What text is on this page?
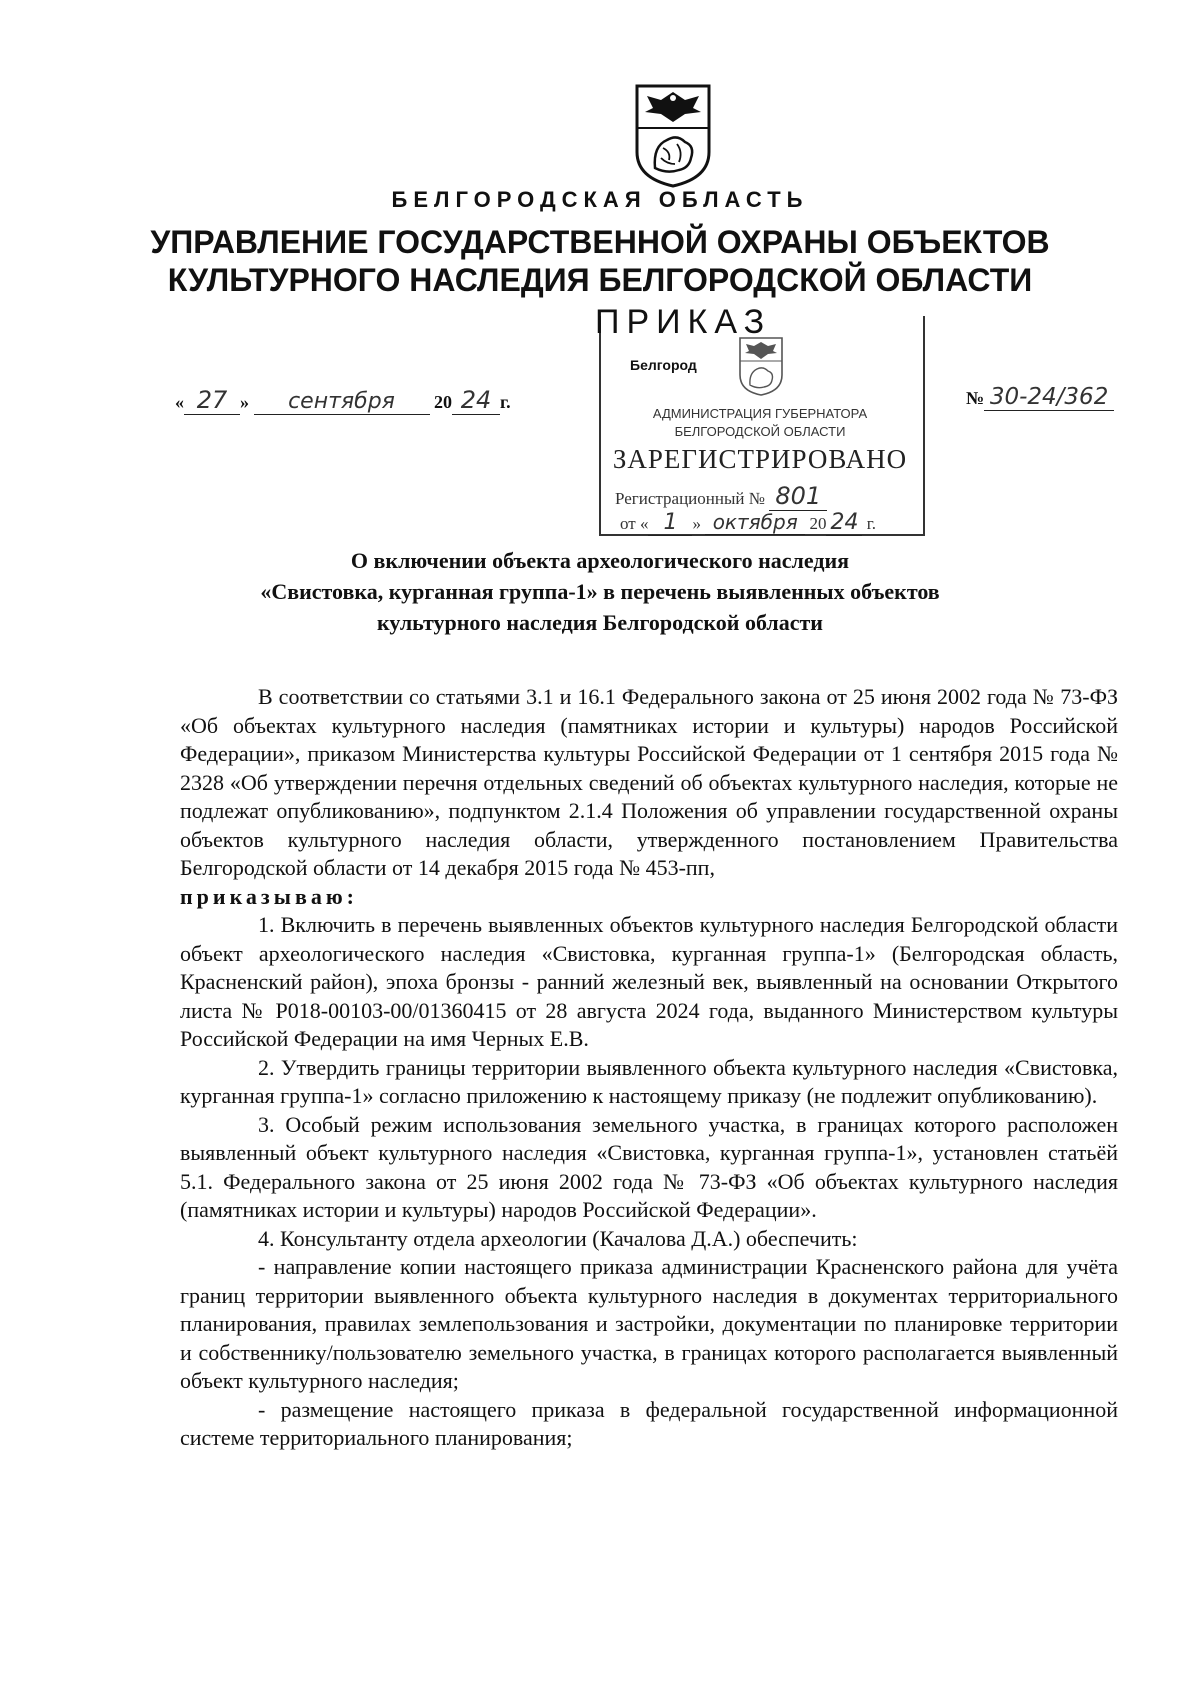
БЕЛГОРОДСКАЯ ОБЛАСТЬ
УПРАВЛЕНИЕ ГОСУДАРСТВЕННОЙ ОХРАНЫ ОБЪЕКТОВ
КУЛЬТУРНОГО НАСЛЕДИЯ БЕЛГОРОДСКОЙ ОБЛАСТИ
ПРИКАЗ
Белгород
АДМИНИСТРАЦИЯ ГУБЕРНАТОРА
БЕЛГОРОДСКОЙ ОБЛАСТИ
ЗАРЕГИСТРИРОВАНО
Регистрационный № 801
от « 1 » октября 20 24 г.
« 27 » сентября 20 24 г.	№ 30-24/362
О включении объекта археологического наследия
«Свистовка, курганная группа-1» в перечень выявленных объектов
культурного наследия Белгородской области

В соответствии со статьями 3.1 и 16.1 Федерального закона от 25 июня 2002 года № 73-ФЗ «Об объектах культурного наследия (памятниках истории и культуры) народов Российской Федерации», приказом Министерства культуры Российской Федерации от 1 сентября 2015 года № 2328 «Об утверждении перечня отдельных сведений об объектах культурного наследия, которые не подлежат опубликованию», подпунктом 2.1.4 Положения об управлении государственной охраны объектов культурного наследия области, утвержденного постановлением Правительства Белгородской области от 14 декабря 2015 года № 453-пп,

приказываю:

1. Включить в перечень выявленных объектов культурного наследия Белгородской области объект археологического наследия «Свистовка, курганная группа-1» (Белгородская область, Красненский район), эпоха бронзы - ранний железный век, выявленный на основании Открытого листа № P018-00103-00/01360415 от 28 августа 2024 года, выданного Министерством культуры Российской Федерации на имя Черных Е.В.

2. Утвердить границы территории выявленного объекта культурного наследия «Свистовка, курганная группа-1» согласно приложению к настоящему приказу (не подлежит опубликованию).

3. Особый режим использования земельного участка, в границах которого расположен выявленный объект культурного наследия «Свистовка, курганная группа-1», установлен статьёй 5.1. Федерального закона от 25 июня 2002 года № 73-ФЗ «Об объектах культурного наследия (памятниках истории и культуры) народов Российской Федерации».

4. Консультанту отдела археологии (Качалова Д.А.) обеспечить:

- направление копии настоящего приказа администрации Красненского района для учёта границ территории выявленного объекта культурного наследия в документах территориального планирования, правилах землепользования и застройки, документации по планировке территории и собственнику/пользователю земельного участка, в границах которого располагается выявленный объект культурного наследия;

- размещение настоящего приказа в федеральной государственной информационной системе территориального планирования;
